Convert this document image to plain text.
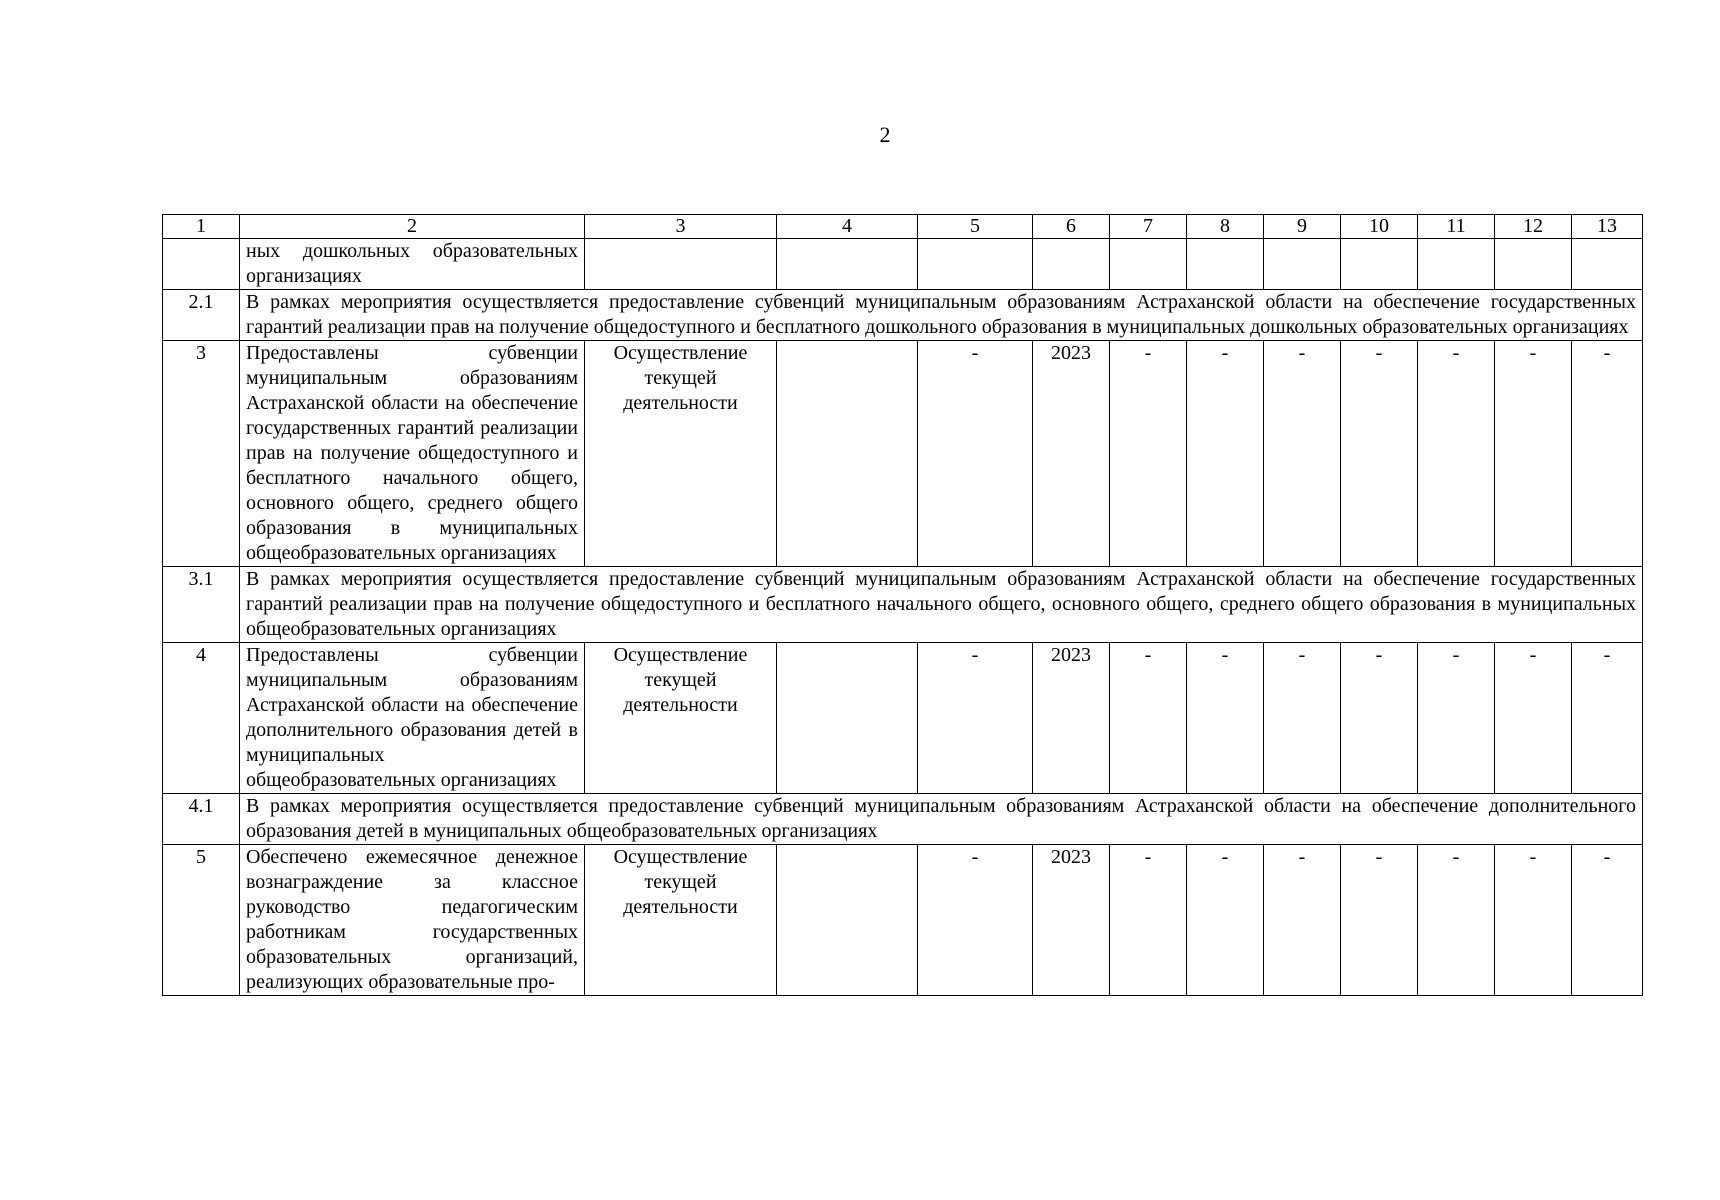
2
1	2	3	4	5	6	7	8	9	10	11	12	13
	ных дошкольных образовательных организациях											
2.1	В рамках мероприятия осуществляется предоставление субвенций муниципальным образованиям Астраханской области на обеспечение государственных гарантий реализации прав на получение общедоступного и бесплатного дошкольного образования в муниципальных дошкольных образовательных организациях											
3	Предоставлены субвенции муниципальным образованиям Астраханской области на обеспечение государственных гарантий реализации прав на получение общедоступного и бесплатного начального общего, основного общего, среднего общего образования в муниципальных общеобразовательных организациях	Осуществление текущей деятельности		-	2023	-	-	-	-	-	-	-
3.1	В рамках мероприятия осуществляется предоставление субвенций муниципальным образованиям Астраханской области на обеспечение государственных гарантий реализации прав на получение общедоступного и бесплатного начального общего, основного общего, среднего общего образования в муниципальных общеобразовательных организациях											
4	Предоставлены субвенции муниципальным образованиям Астраханской области на обеспечение дополнительного образования детей в муниципальных общеобразовательных организациях	Осуществление текущей деятельности		-	2023	-	-	-	-	-	-	-
4.1	В рамках мероприятия осуществляется предоставление субвенций муниципальным образованиям Астраханской области на обеспечение дополнительного образования детей в муниципальных общеобразовательных организациях											
5	Обеспечено ежемесячное денежное вознаграждение за классное руководство педагогическим работникам государственных образовательных организаций, реализующих образовательные про-	Осуществление текущей деятельности		-	2023	-	-	-	-	-	-	-
